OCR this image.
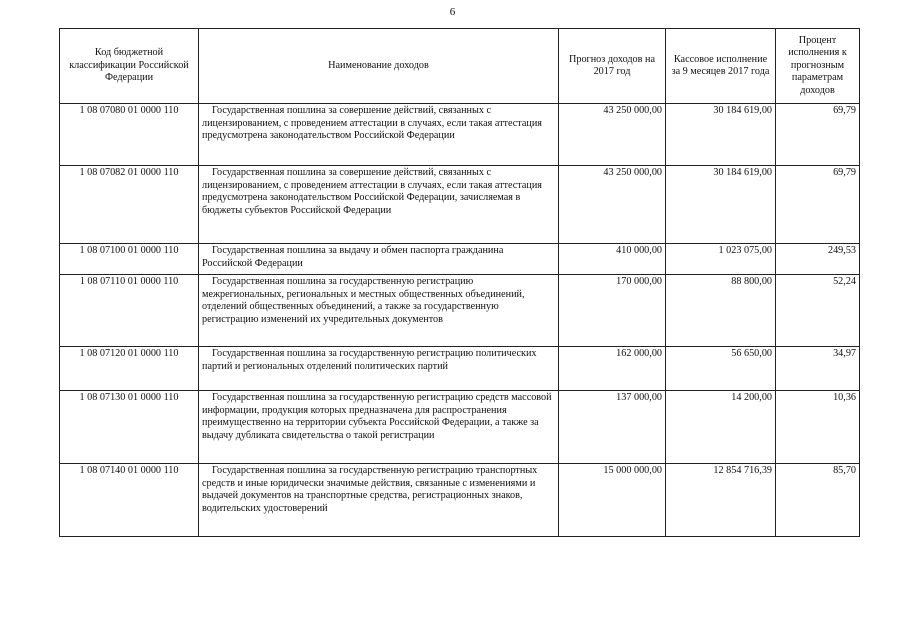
6
Код бюджетной классификации Российской Федерации	Наименование доходов	Прогноз доходов на 2017 год	Кассовое исполнение за 9 месяцев 2017 года	Процент исполнения к прогнозным параметрам доходов
1 08 07080 01 0000 110	Государственная пошлина за совершение действий, связанных с лицензированием, с проведением аттестации в случаях, если такая аттестация предусмотрена законодательством Российской Федерации	43 250 000,00	30 184 619,00	69,79
1 08 07082 01 0000 110	Государственная пошлина за совершение действий, связанных с лицензированием, с проведением аттестации в случаях, если такая аттестация предусмотрена законодательством Российской Федерации, зачисляемая в бюджеты субъектов Российской Федерации	43 250 000,00	30 184 619,00	69,79
1 08 07100 01 0000 110	Государственная пошлина за выдачу и обмен паспорта гражданина Российской Федерации	410 000,00	1 023 075,00	249,53
1 08 07110 01 0000 110	Государственная пошлина за государственную регистрацию межрегиональных, региональных и местных общественных объединений, отделений общественных объединений, а также за государственную регистрацию изменений их учредительных документов	170 000,00	88 800,00	52,24
1 08 07120 01 0000 110	Государственная пошлина за государственную регистрацию политических партий и региональных отделений политических партий	162 000,00	56 650,00	34,97
1 08 07130 01 0000 110	Государственная пошлина за государственную регистрацию средств массовой информации, продукция которых предназначена для распространения преимущественно на территории субъекта Российской Федерации, а также за выдачу дубликата свидетельства о такой регистрации	137 000,00	14 200,00	10,36
1 08 07140 01 0000 110	Государственная пошлина за государственную регистрацию транспортных средств и иные юридически значимые действия, связанные с изменениями и выдачей документов на транспортные средства, регистрационных знаков, водительских удостоверений	15 000 000,00	12 854 716,39	85,70
